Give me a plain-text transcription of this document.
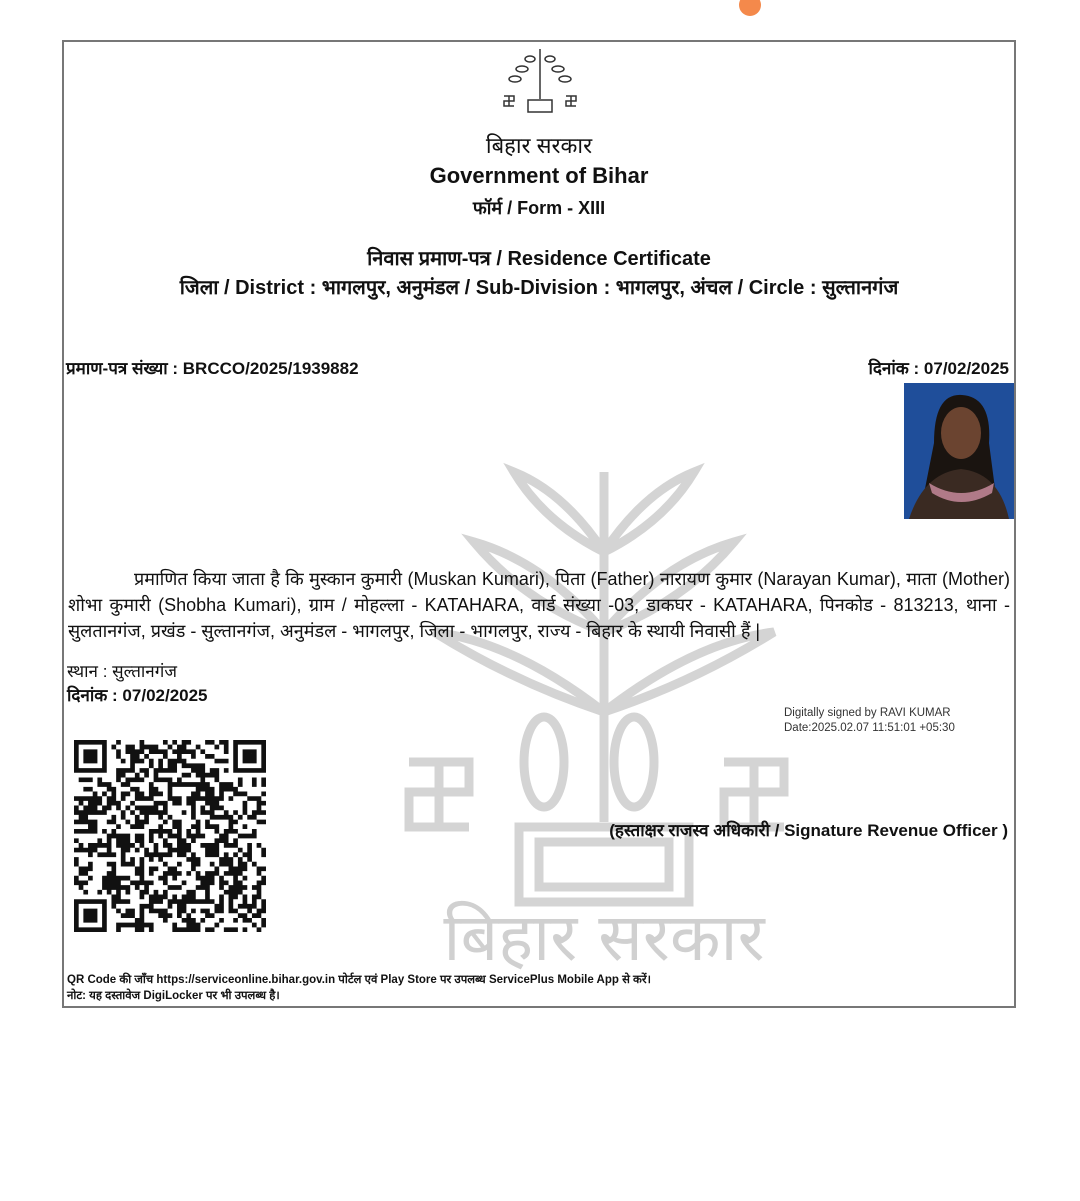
बिहार सरकार
बिहार सरकार
Government of Bihar
फॉर्म / Form - XIII
निवास प्रमाण-पत्र / Residence Certificate
जिला / District : भागलपुर, अनुमंडल / Sub-Division : भागलपुर, अंचल / Circle : सुल्तानगंज
प्रमाण-पत्र संख्या : BRCCO/2025/1939882	दिनांक : 07/02/2025
प्रमाणित किया जाता है कि मुस्कान कुमारी (Muskan Kumari), पिता (Father) नारायण कुमार (Narayan Kumar), माता (Mother) शोभा कुमारी (Shobha Kumari), ग्राम / मोहल्ला - KATAHARA, वार्ड संख्या -03, डाकघर - KATAHARA, पिनकोड - 813213, थाना - सुलतानगंज, प्रखंड - सुल्तानगंज, अनुमंडल - भागलपुर, जिला - भागलपुर, राज्य - बिहार के स्थायी निवासी हैं |
स्थान : सुल्तानगंज
दिनांक : 07/02/2025
Digitally signed by RAVI KUMAR
Date:2025.02.07 11:51:01 +05:30
(हस्ताक्षर राजस्व अधिकारी / Signature Revenue Officer )
QR Code की जाँच https://serviceonline.bihar.gov.in पोर्टल एवं Play Store पर उपलब्ध ServicePlus Mobile App से करें।
नोट: यह दस्तावेज DigiLocker पर भी उपलब्ध है।
